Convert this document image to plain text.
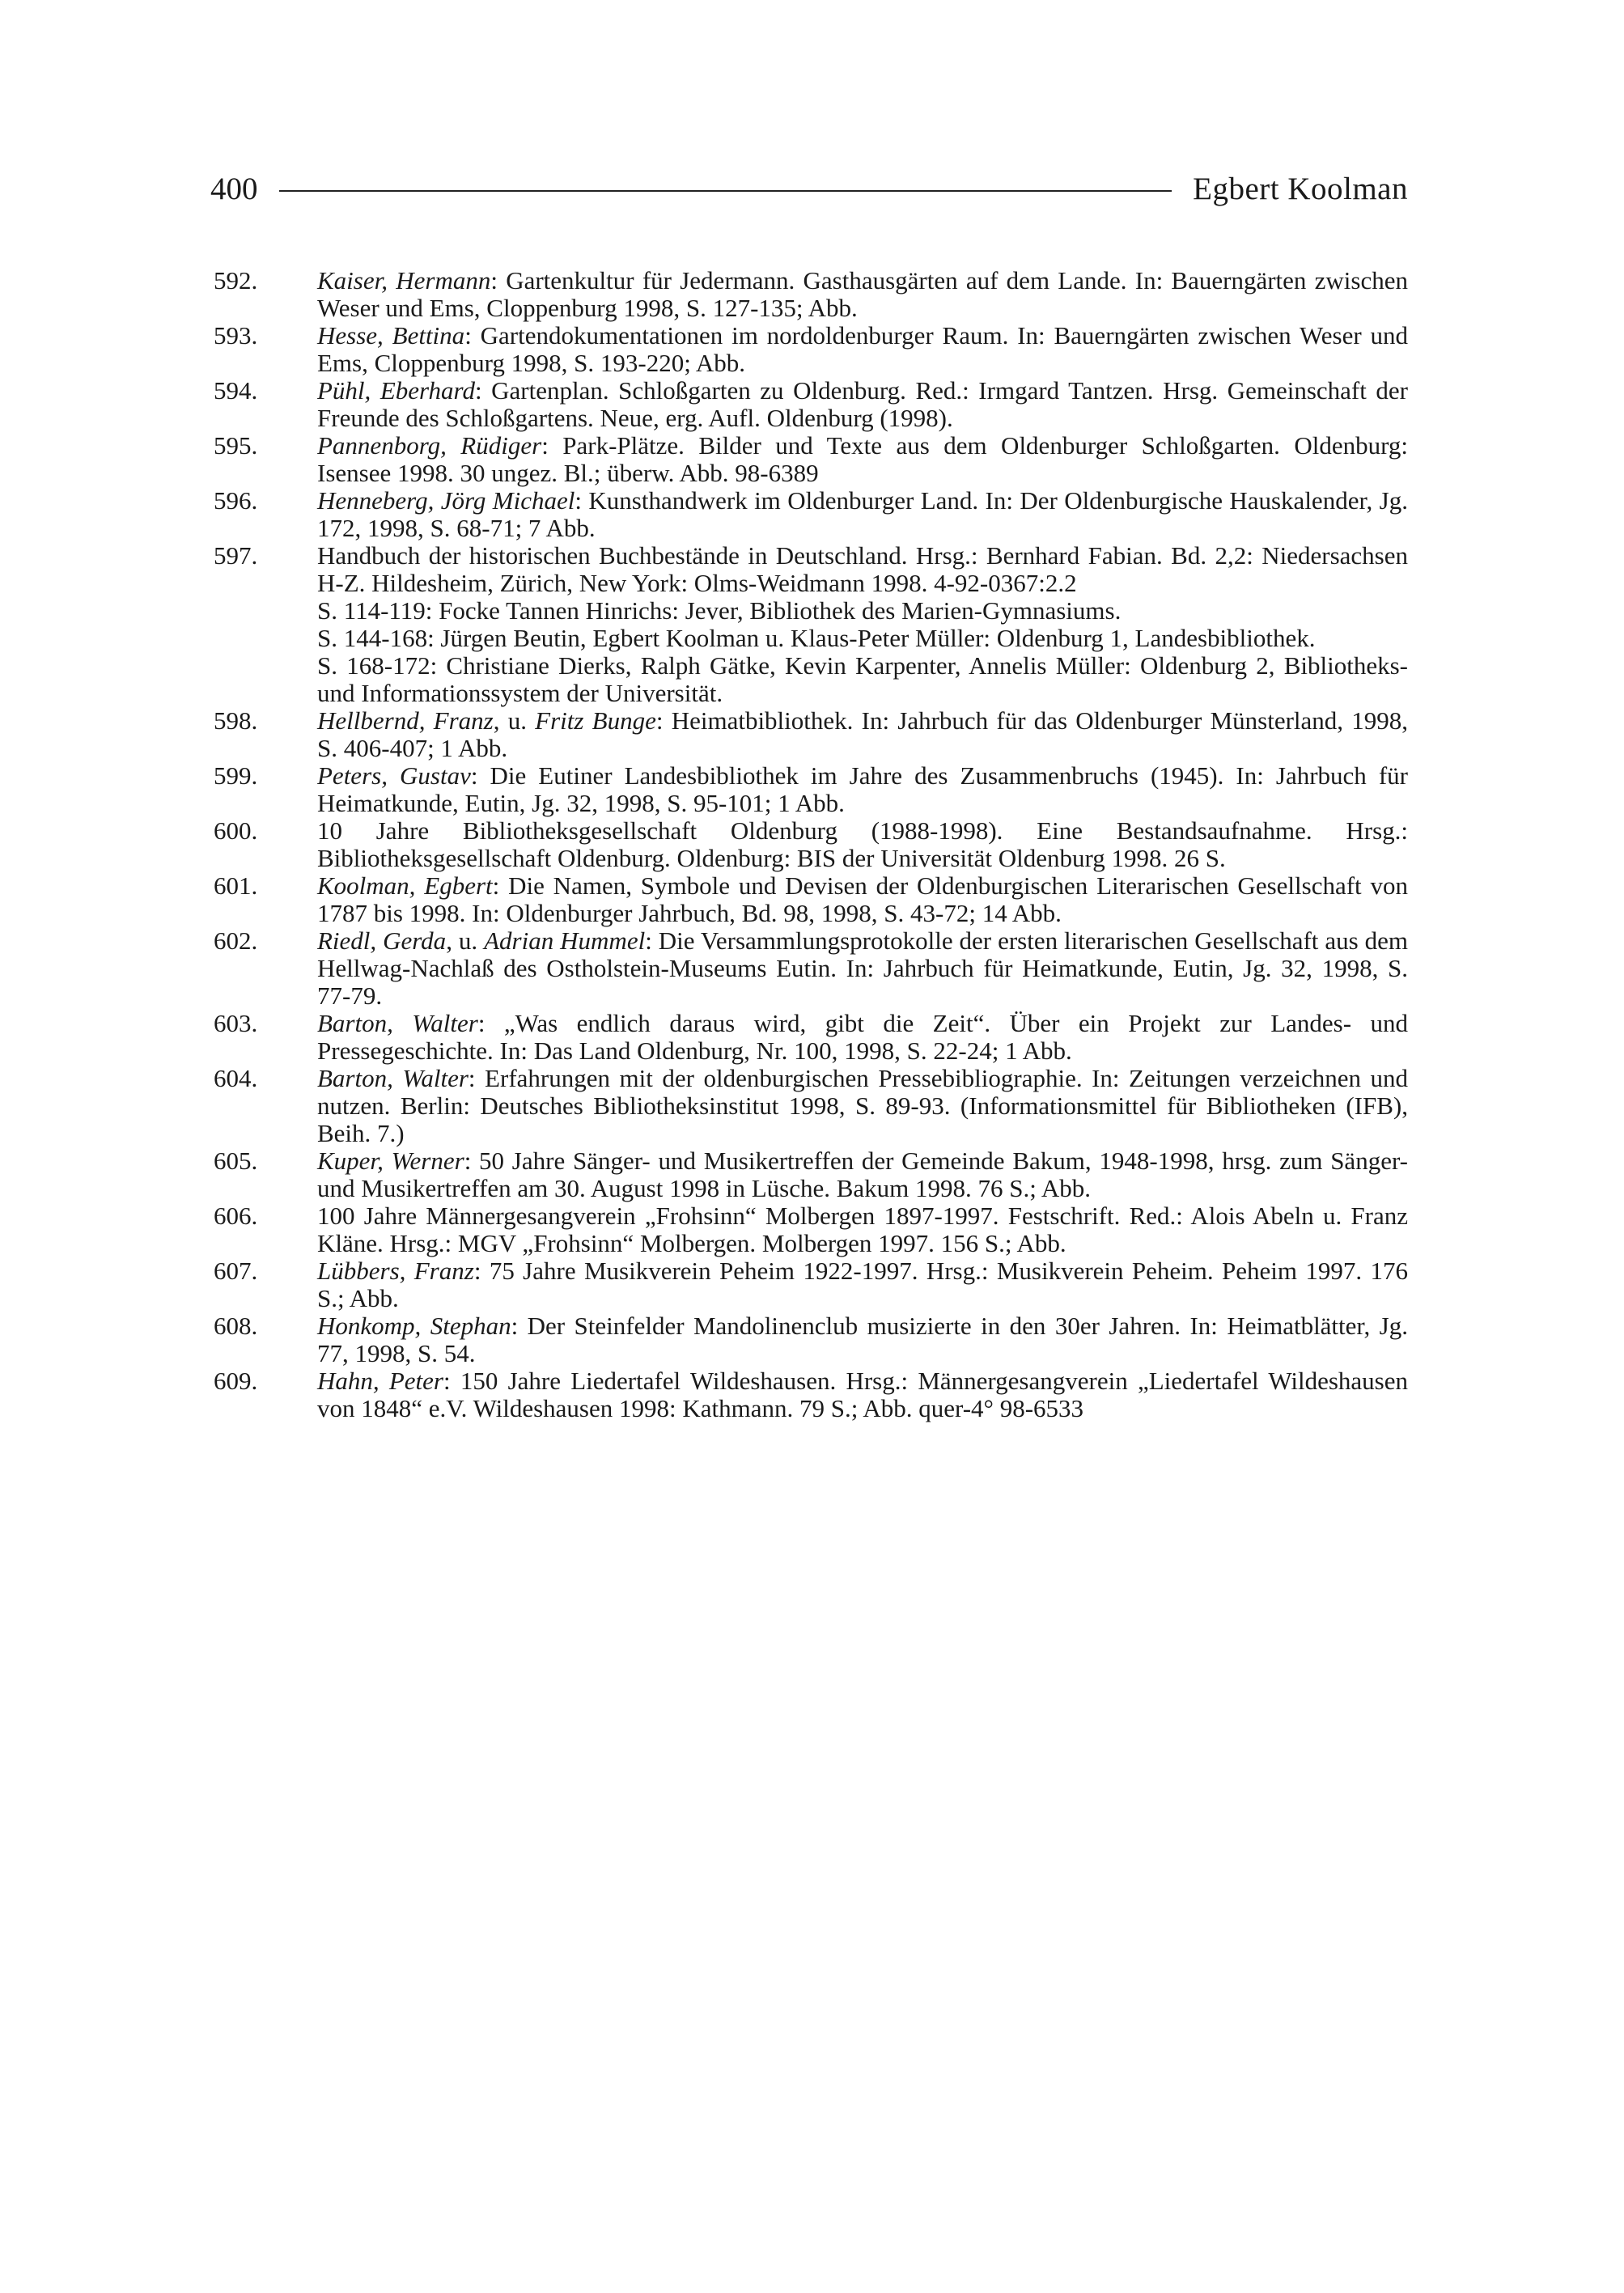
400	Egbert Koolman
592.	Kaiser, Hermann: Gartenkultur für Jedermann. Gasthausgärten auf dem Lande. In: Bauerngärten zwischen Weser und Ems, Cloppenburg 1998, S. 127-135; Abb.

593.	Hesse, Bettina: Gartendokumentationen im nordoldenburger Raum. In: Bauerngärten zwischen Weser und Ems, Cloppenburg 1998, S. 193-220; Abb.

594.	Pühl, Eberhard: Gartenplan. Schloßgarten zu Oldenburg. Red.: Irmgard Tantzen. Hrsg. Gemeinschaft der Freunde des Schloßgartens. Neue, erg. Aufl. Oldenburg (1998).

595.	Pannenborg, Rüdiger: Park-Plätze. Bilder und Texte aus dem Oldenburger Schloßgarten. Oldenburg: Isensee 1998. 30 ungez. Bl.; überw. Abb. 98-6389

596.	Henneberg, Jörg Michael: Kunsthandwerk im Oldenburger Land. In: Der Oldenburgische Hauskalender, Jg. 172, 1998, S. 68-71; 7 Abb.

597.	Handbuch der historischen Buchbestände in Deutschland. Hrsg.: Bernhard Fabian. Bd. 2,2: Niedersachsen H-Z. Hildesheim, Zürich, New York: Olms-Weidmann 1998. 4-92-0367:2.2

S. 114-119: Focke Tannen Hinrichs: Jever, Bibliothek des Marien-Gymnasiums.

S. 144-168: Jürgen Beutin, Egbert Koolman u. Klaus-Peter Müller: Oldenburg 1, Landesbibliothek.

S. 168-172: Christiane Dierks, Ralph Gätke, Kevin Karpenter, Annelis Müller: Oldenburg 2, Bibliotheks- und Informationssystem der Universität.

598.	Hellbernd, Franz, u. Fritz Bunge: Heimatbibliothek. In: Jahrbuch für das Oldenburger Münsterland, 1998, S. 406-407; 1 Abb.

599.	Peters, Gustav: Die Eutiner Landesbibliothek im Jahre des Zusammenbruchs (1945). In: Jahrbuch für Heimatkunde, Eutin, Jg. 32, 1998, S. 95-101; 1 Abb.

600.	10 Jahre Bibliotheksgesellschaft Oldenburg (1988-1998). Eine Bestandsaufnahme. Hrsg.: Bibliotheksgesellschaft Oldenburg. Oldenburg: BIS der Universität Oldenburg 1998. 26 S.

601.	Koolman, Egbert: Die Namen, Symbole und Devisen der Oldenburgischen Literarischen Gesellschaft von 1787 bis 1998. In: Oldenburger Jahrbuch, Bd. 98, 1998, S. 43-72; 14 Abb.

602.	Riedl, Gerda, u. Adrian Hummel: Die Versammlungsprotokolle der ersten literarischen Gesellschaft aus dem Hellwag-Nachlaß des Ostholstein-Museums Eutin. In: Jahrbuch für Heimatkunde, Eutin, Jg. 32, 1998, S. 77-79.

603.	Barton, Walter: „Was endlich daraus wird, gibt die Zeit“. Über ein Projekt zur Landes- und Pressegeschichte. In: Das Land Oldenburg, Nr. 100, 1998, S. 22-24; 1 Abb.

604.	Barton, Walter: Erfahrungen mit der oldenburgischen Pressebibliographie. In: Zeitungen verzeichnen und nutzen. Berlin: Deutsches Bibliotheksinstitut 1998, S. 89-93. (Informationsmittel für Bibliotheken (IFB), Beih. 7.)

605.	Kuper, Werner: 50 Jahre Sänger- und Musikertreffen der Gemeinde Bakum, 1948-1998, hrsg. zum Sänger- und Musikertreffen am 30. August 1998 in Lüsche. Bakum 1998. 76 S.; Abb.

606.	100 Jahre Männergesangverein „Frohsinn“ Molbergen 1897-1997. Festschrift. Red.: Alois Abeln u. Franz Kläne. Hrsg.: MGV „Frohsinn“ Molbergen. Molbergen 1997. 156 S.; Abb.

607.	Lübbers, Franz: 75 Jahre Musikverein Peheim 1922-1997. Hrsg.: Musikverein Peheim. Peheim 1997. 176 S.; Abb.

608.	Honkomp, Stephan: Der Steinfelder Mandolinenclub musizierte in den 30er Jahren. In: Heimatblätter, Jg. 77, 1998, S. 54.

609.	Hahn, Peter: 150 Jahre Liedertafel Wildeshausen. Hrsg.: Männergesangverein „Liedertafel Wildeshausen von 1848“ e.V. Wildeshausen 1998: Kathmann. 79 S.; Abb. quer-4° 98-6533
